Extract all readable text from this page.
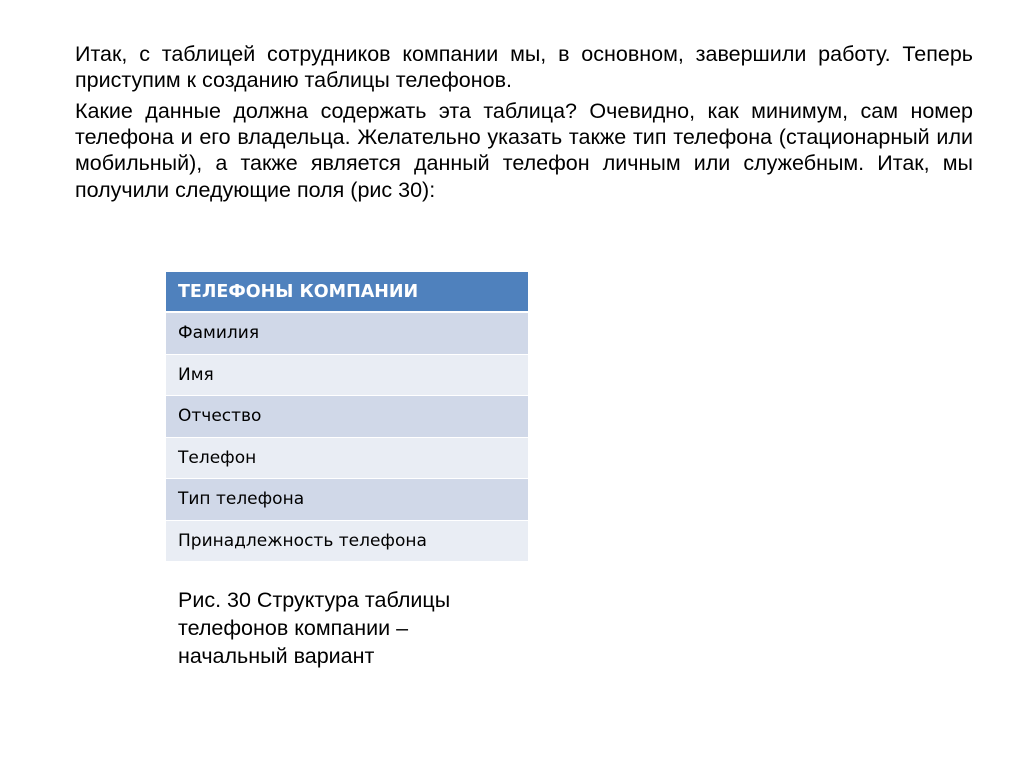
Итак, с таблицей сотрудников компании мы, в основном, завершили работу. Теперь приступим к созданию таблицы телефонов.

Какие данные должна содержать эта таблица? Очевидно, как минимум, сам номер телефона и его владельца. Желательно указать также тип телефона (стационарный или мобильный), а также является данный телефон личным или служебным. Итак, мы получили следующие поля (рис 30):

ТЕЛЕФОНЫ КОМПАНИИ
Фамилия
Имя
Отчество
Телефон
Тип телефона
Принадлежность телефона

Рис. 30 Структура таблицы
телефонов компании –
начальный вариант
